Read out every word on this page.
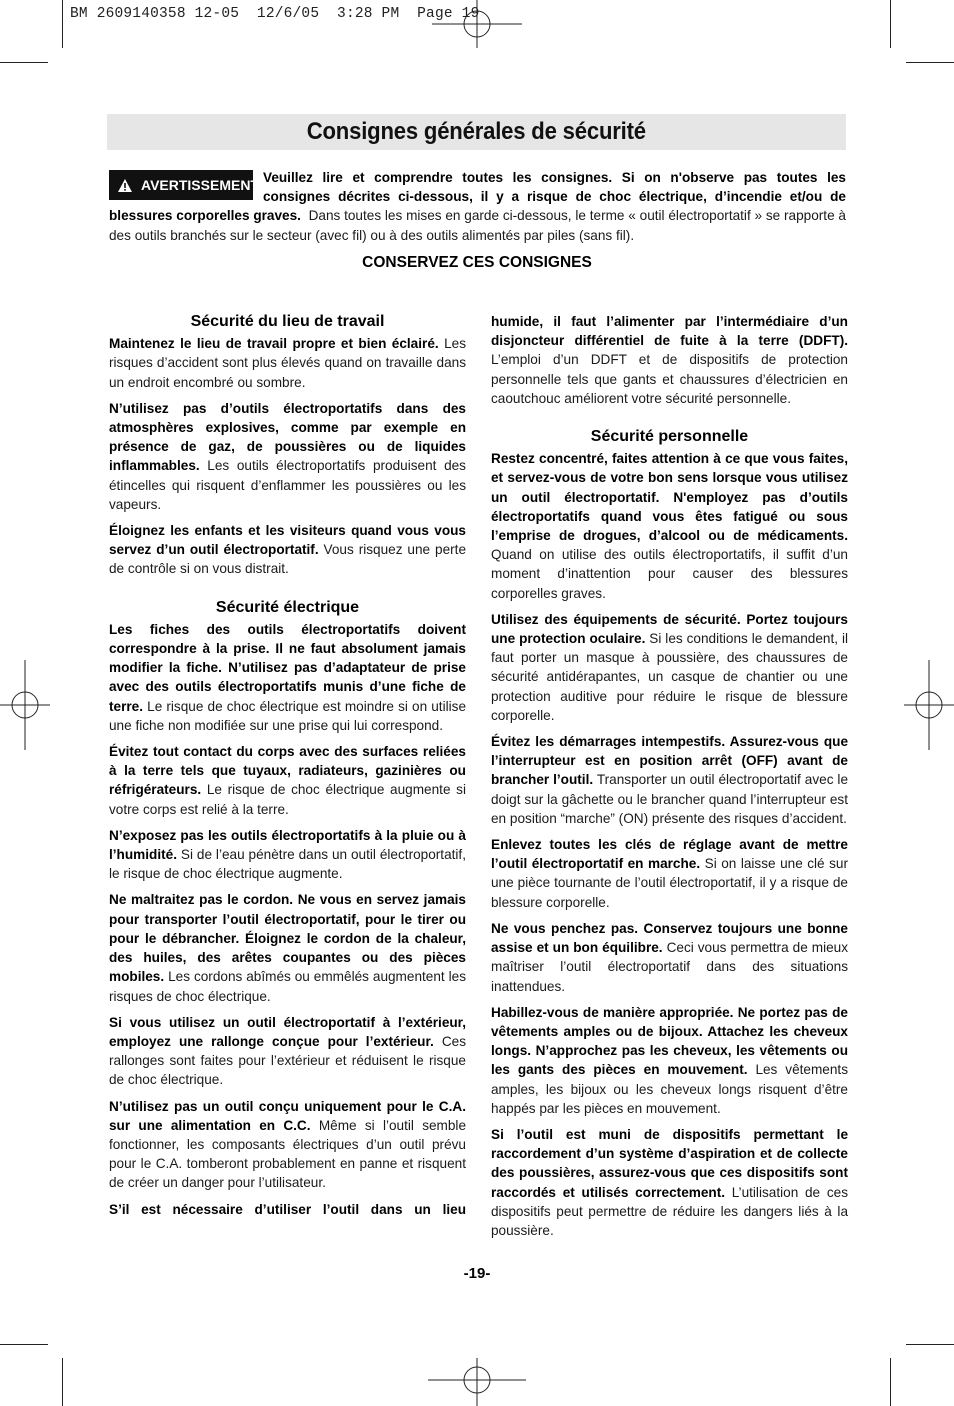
BM 2609140358 12-05  12/6/05  3:28 PM  Page 19
Consignes générales de sécurité
AVERTISSEMENT Veuillez lire et comprendre toutes les consignes. Si on n'observe pas toutes les consignes décrites ci-dessous, il y a risque de choc électrique, d’incendie et/ou de blessures corporelles graves. Dans toutes les mises en garde ci-dessous, le terme « outil électroportatif » se rapporte à des outils branchés sur le secteur (avec fil) ou à des outils alimentés par piles (sans fil).
CONSERVEZ CES CONSIGNES
Sécurité du lieu de travail

Maintenez le lieu de travail propre et bien éclairé. Les risques d’accident sont plus élevés quand on travaille dans un endroit encombré ou sombre.

N’utilisez pas d’outils électroportatifs dans des atmosphères explosives, comme par exemple en présence de gaz, de poussières ou de liquides inflammables. Les outils électroportatifs produisent des étincelles qui risquent d’enflammer les poussières ou les vapeurs.

Éloignez les enfants et les visiteurs quand vous vous servez d’un outil électroportatif. Vous risquez une perte de contrôle si on vous distrait.

Sécurité électrique

Les fiches des outils électroportatifs doivent correspondre à la prise. Il ne faut absolument jamais modifier la fiche. N’utilisez pas d’adaptateur de prise avec des outils électroportatifs munis d’une fiche de terre. Le risque de choc électrique est moindre si on utilise une fiche non modifiée sur une prise qui lui correspond.

Évitez tout contact du corps avec des surfaces reliées à la terre tels que tuyaux, radiateurs, gazinières ou réfrigérateurs. Le risque de choc électrique augmente si votre corps est relié à la terre.

N’exposez pas les outils électroportatifs à la pluie ou à l’humidité. Si de l’eau pénètre dans un outil électroportatif, le risque de choc électrique augmente.

Ne maltraitez pas le cordon. Ne vous en servez jamais pour transporter l’outil électroportatif, pour le tirer ou pour le débrancher. Éloignez le cordon de la chaleur, des huiles, des arêtes coupantes ou des pièces mobiles. Les cordons abîmés ou emmêlés augmentent les risques de choc électrique.

Si vous utilisez un outil électroportatif à l’extérieur, employez une rallonge conçue pour l’extérieur. Ces rallonges sont faites pour l’extérieur et réduisent le risque de choc électrique.

N’utilisez pas un outil conçu uniquement pour le C.A. sur une alimentation en C.C. Même si l’outil semble fonctionner, les composants électriques d’un outil prévu pour le C.A. tomberont probablement en panne et risquent de créer un danger pour l’utilisateur.

S’il est nécessaire d’utiliser l’outil dans un lieu

humide, il faut l’alimenter par l’intermédiaire d’un disjoncteur différentiel de fuite à la terre (DDFT). L’emploi d’un DDFT et de dispositifs de protection personnelle tels que gants et chaussures d’électricien en caoutchouc améliorent votre sécurité personnelle.

Sécurité personnelle

Restez concentré, faites attention à ce que vous faites, et servez-vous de votre bon sens lorsque vous utilisez un outil électroportatif. N'employez pas d’outils électroportatifs quand vous êtes fatigué ou sous l’emprise de drogues, d’alcool ou de médicaments. Quand on utilise des outils électroportatifs, il suffit d’un moment d’inattention pour causer des blessures corporelles graves.

Utilisez des équipements de sécurité. Portez toujours une protection oculaire. Si les conditions le demandent, il faut porter un masque à poussière, des chaussures de sécurité antidérapantes, un casque de chantier ou une protection auditive pour réduire le risque de blessure corporelle.

Évitez les démarrages intempestifs. Assurez-vous que l’interrupteur est en position arrêt (OFF) avant de brancher l’outil. Transporter un outil électroportatif avec le doigt sur la gâchette ou le brancher quand l’interrupteur est en position “marche” (ON) présente des risques d’accident.

Enlevez toutes les clés de réglage avant de mettre l’outil électroportatif en marche. Si on laisse une clé sur une pièce tournante de l’outil électroportatif, il y a risque de blessure corporelle.

Ne vous penchez pas. Conservez toujours une bonne assise et un bon équilibre. Ceci vous permettra de mieux maîtriser l’outil électroportatif dans des situations inattendues.

Habillez-vous de manière appropriée. Ne portez pas de vêtements amples ou de bijoux. Attachez les cheveux longs. N’approchez pas les cheveux, les vêtements ou les gants des pièces en mouvement. Les vêtements amples, les bijoux ou les cheveux longs risquent d’être happés par les pièces en mouvement.

Si l’outil est muni de dispositifs permettant le raccordement d’un système d’aspiration et de collecte des poussières, assurez-vous que ces dispositifs sont raccordés et utilisés correctement. L’utilisation de ces dispositifs peut permettre de réduire les dangers liés à la poussière.

-19-
